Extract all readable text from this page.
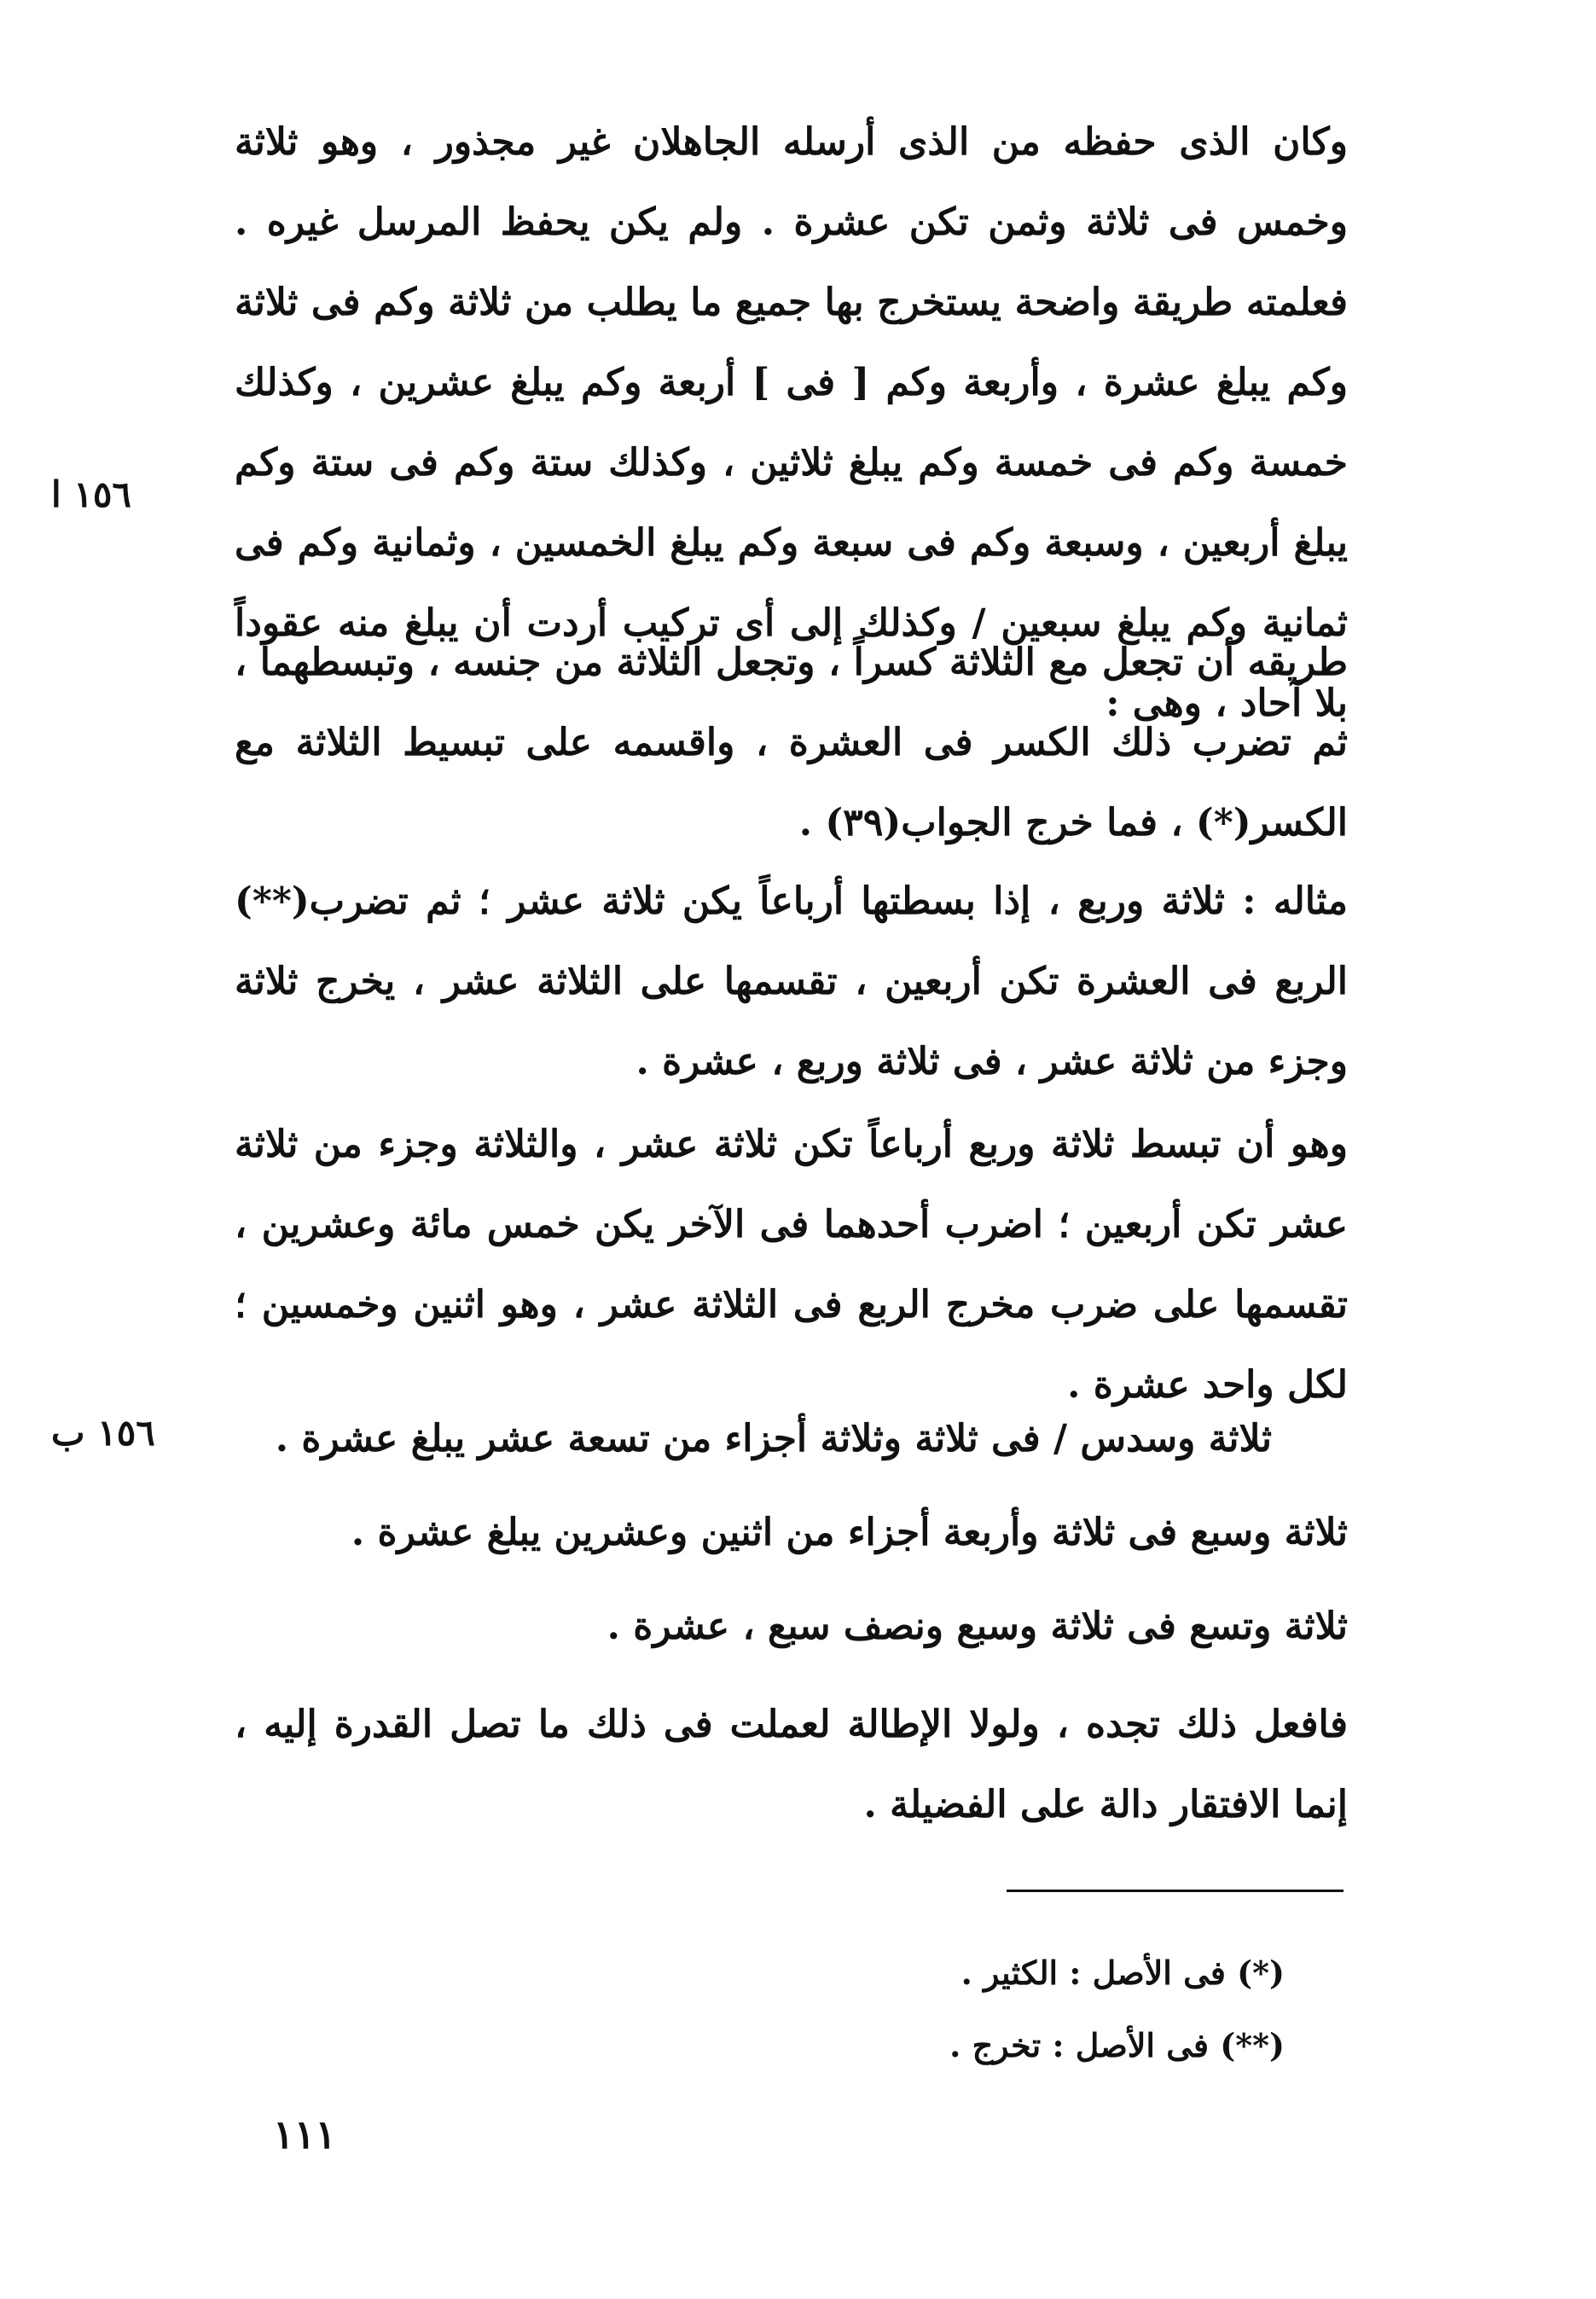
وكان الذى حفظه من الذى أرسله الجاهلان غير مجذور ، وهو ثلاثة وخمس فى ثلاثة وثمن تكن عشرة . ولم يكن يحفظ المرسل غيره . فعلمته طريقة واضحة يستخرج بها جميع ما يطلب من ثلاثة وكم فى ثلاثة وكم يبلغ عشرة ، وأربعة وكم [ فى ] أربعة وكم يبلغ عشرين ، وكذلك خمسة وكم فى خمسة وكم يبلغ ثلاثين ، وكذلك ستة وكم فى ستة وكم يبلغ أربعين ، وسبعة وكم فى سبعة وكم يبلغ الخمسين ، وثمانية وكم فى ثمانية وكم يبلغ سبعين / وكذلك إلى أى تركيب أردت أن يبلغ منه عقوداً بلا آحاد ، وهى :
١٥٦ ا
طريقه أن تجعل مع الثلاثة كسراً ، وتجعل الثلاثة من جنسه ، وتبسطهما ، ثم تضرب ذلك الكسر فى العشرة ، واقسمه على تبسيط الثلاثة مع الكسر(*) ، فما خرج الجواب(٣٩) .
مثاله : ثلاثة وربع ، إذا بسطتها أرباعاً يكن ثلاثة عشر ؛ ثم تضرب(**) الربع فى العشرة تكن أربعين ، تقسمها على الثلاثة عشر ، يخرج ثلاثة وجزء من ثلاثة عشر ، فى ثلاثة وربع ، عشرة .
وهو أن تبسط ثلاثة وربع أرباعاً تكن ثلاثة عشر ، والثلاثة وجزء من ثلاثة عشر تكن أربعين ؛ اضرب أحدهما فى الآخر يكن خمس مائة وعشرين ، تقسمها على ضرب مخرج الربع فى الثلاثة عشر ، وهو اثنين وخمسين ؛ لكل واحد عشرة .
ثلاثة وسدس / فى ثلاثة وثلاثة أجزاء من تسعة عشر يبلغ عشرة .
١٥٦ ب
ثلاثة وسبع فى ثلاثة وأربعة أجزاء من اثنين وعشرين يبلغ عشرة .
ثلاثة وتسع فى ثلاثة وسبع ونصف سبع ، عشرة .
فافعل ذلك تجده ، ولولا الإطالة لعملت فى ذلك ما تصل القدرة إليه ، إنما الافتقار دالة على الفضيلة .
(*) فى الأصل : الكثير .
(**) فى الأصل : تخرج .
١١١
